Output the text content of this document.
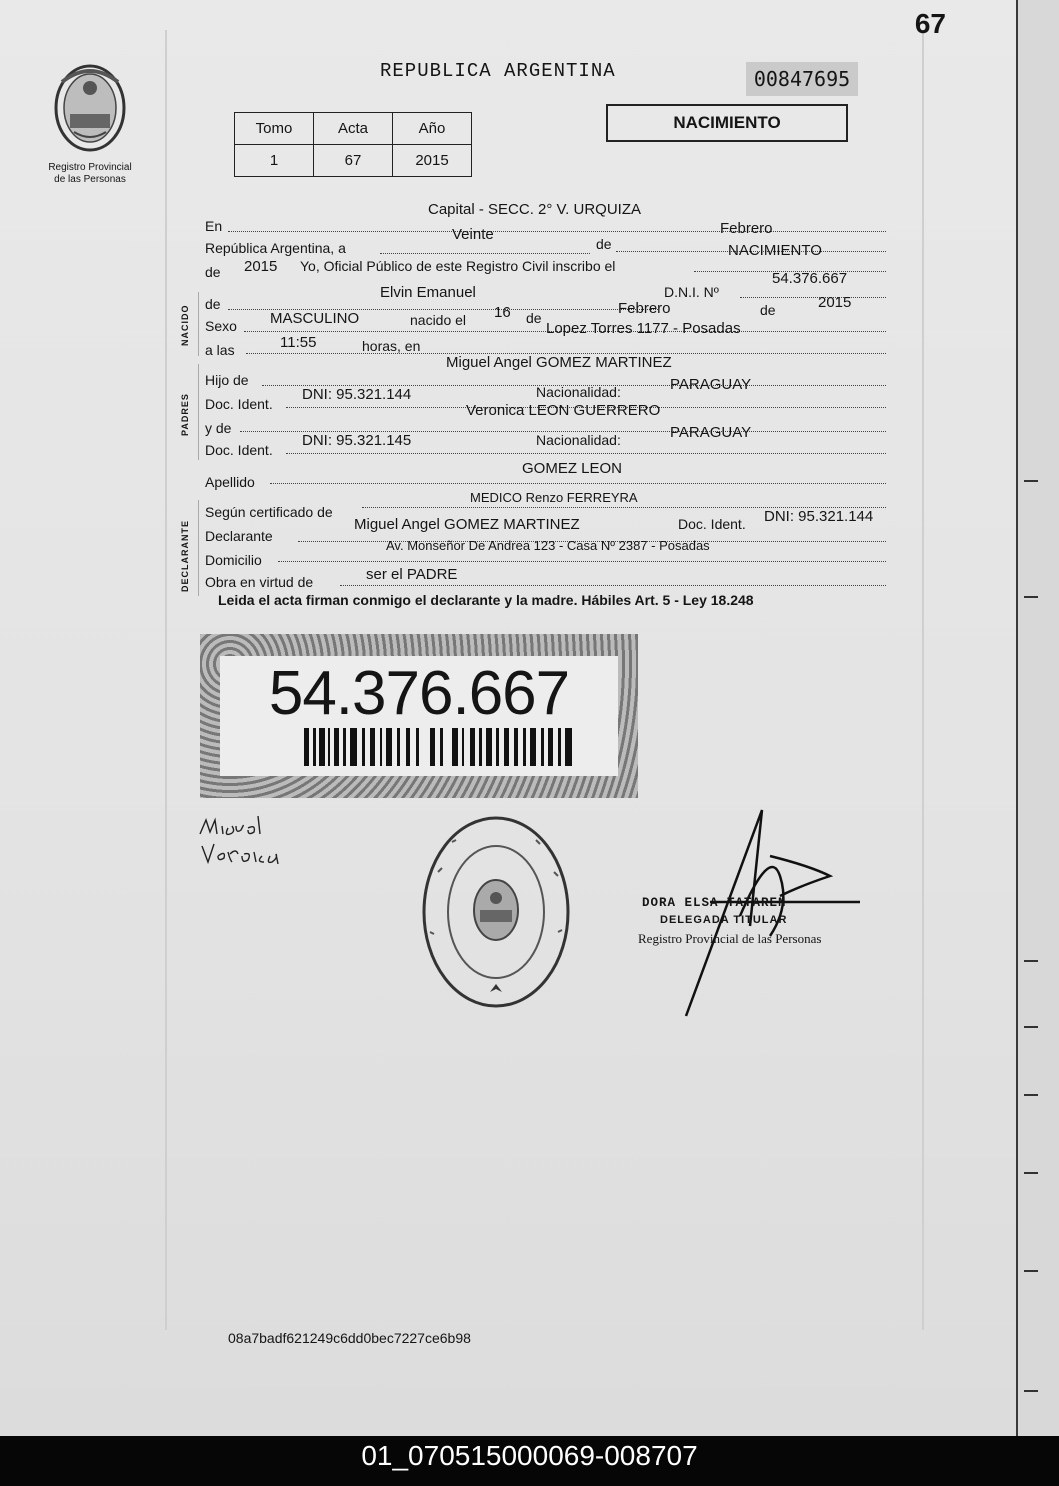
67
Registro Provincial
de las Personas
REPUBLICA ARGENTINA	00847695
Tomo	Acta	Año
1	67	2015
NACIMIENTO
En
Capital - SECC. 2° V. URQUIZA
República Argentina, a
Veinte
de
Febrero
de 2015 Yo, Oficial Público de este Registro Civil inscribo el
NACIMIENTO
NACIDO
de
Elvin Emanuel	D.N.I. Nº
54.376.667
Sexo MASCULINO	nacido el 16 de
Febrero	de	2015
a las	11:55	horas, en
Lopez Torres 1177 - Posadas
PADRES
Hijo de
Miguel Angel GOMEZ MARTINEZ
Doc. Ident.
DNI: 95.321.144	Nacionalidad:	PARAGUAY
y de
Veronica LEON GUERRERO
Doc. Ident.
DNI: 95.321.145	Nacionalidad:	PARAGUAY
Apellido
GOMEZ LEON
DECLARANTE
Según certificado de
MEDICO Renzo FERREYRA
Declarante
Miguel Angel GOMEZ MARTINEZ	Doc. Ident. DNI: 95.321.144
Domicilio
Av. Monseñor De Andrea 123 - Casa Nº 2387 - Posadas
Obra en virtud de	ser el PADRE
Leida el acta firman conmigo el declarante y la madre. Hábiles Art. 5 - Ley 18.248
54.376.667
DORA ELSA TATAREN
DELEGADA TITULAR
Registro Provincial de las Personas
08a7badf621249c6dd0bec7227ce6b98
01_070515000069-008707
